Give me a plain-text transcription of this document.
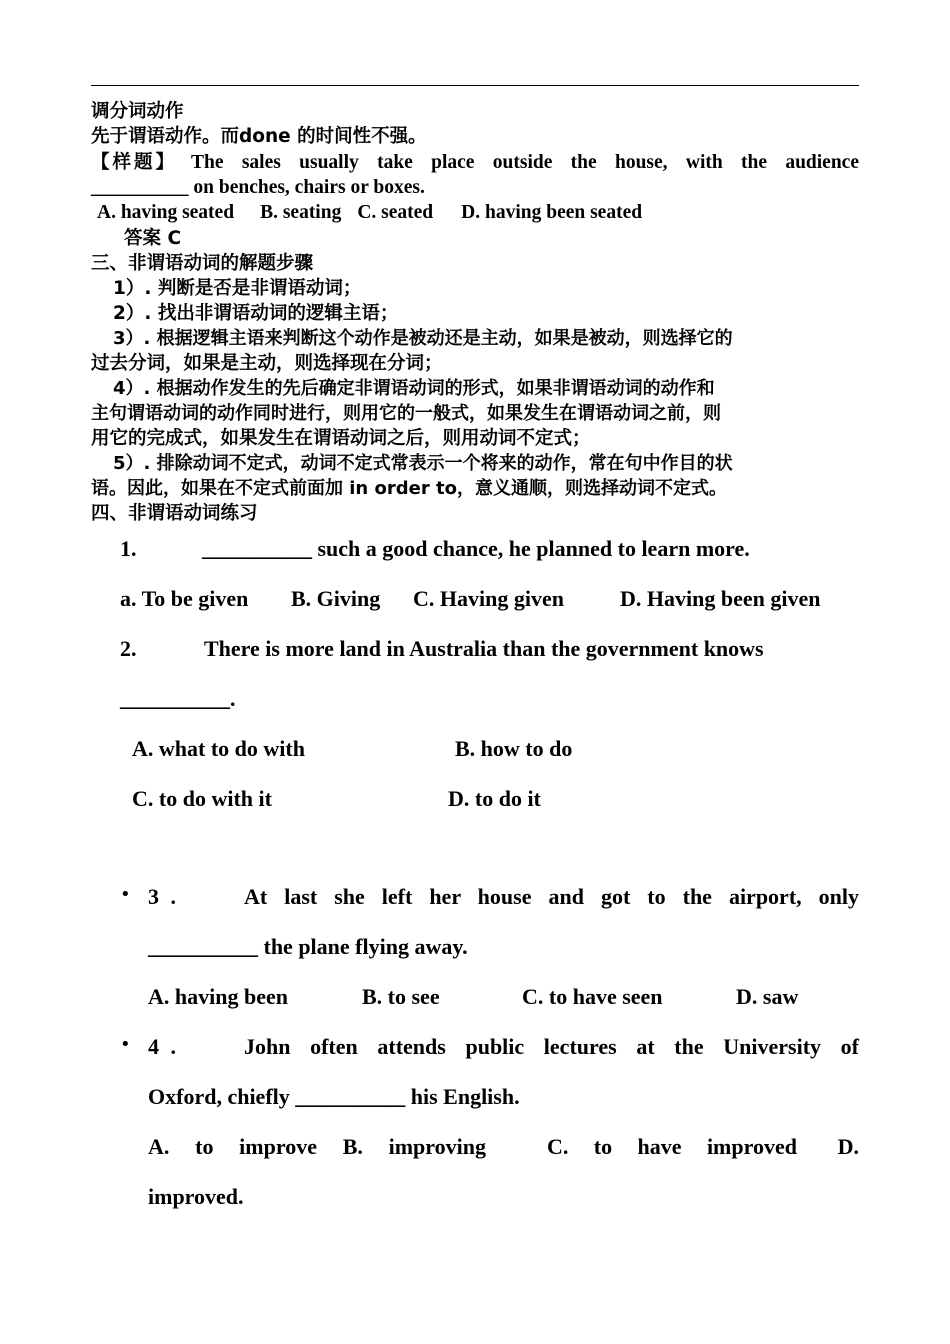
调分词动作
先于谓语动作。而done 的时间性不强。
【样题】 The sales usually take place outside the house, with the audience
__________ on benches, chairs or boxes.
A. having seated B. seating C. seated D. having been seated
答案 C
三、非谓语动词的解题步骤
1）. 判断是否是非谓语动词；
2）. 找出非谓语动词的逻辑主语；
3）. 根据逻辑主语来判断这个动作是被动还是主动，如果是被动，则选择它的
过去分词，如果是主动，则选择现在分词；
4）. 根据动作发生的先后确定非谓语动词的形式，如果非谓语动词的动作和
主句谓语动词的动作同时进行，则用它的一般式，如果发生在谓语动词之前，则
用它的完成式，如果发生在谓语动词之后，则用动词不定式；
5）. 排除动词不定式，动词不定式常表示一个将来的动作，常在句中作目的状
语。因此，如果在不定式前面加 in order to，意义通顺，则选择动词不定式。
四、非谓语动词练习
1.	__________ such a good chance, he planned to learn more.
a. To be given B. Giving C. Having given	D. Having been given
2.	There is more land in Australia than the government knows
__________.
A. what to do with	B. how to do
C. to do with it	D. to do it
• 3 .	At last she left her house and got to the airport, only
__________ the plane flying away.
A. having been	B. to see	C. to have seen	D. saw
• 4 .	John often attends public lectures at the University of
Oxford, chiefly __________ his English.
A. to improve B. improving	C. to have improved D.
improved.
